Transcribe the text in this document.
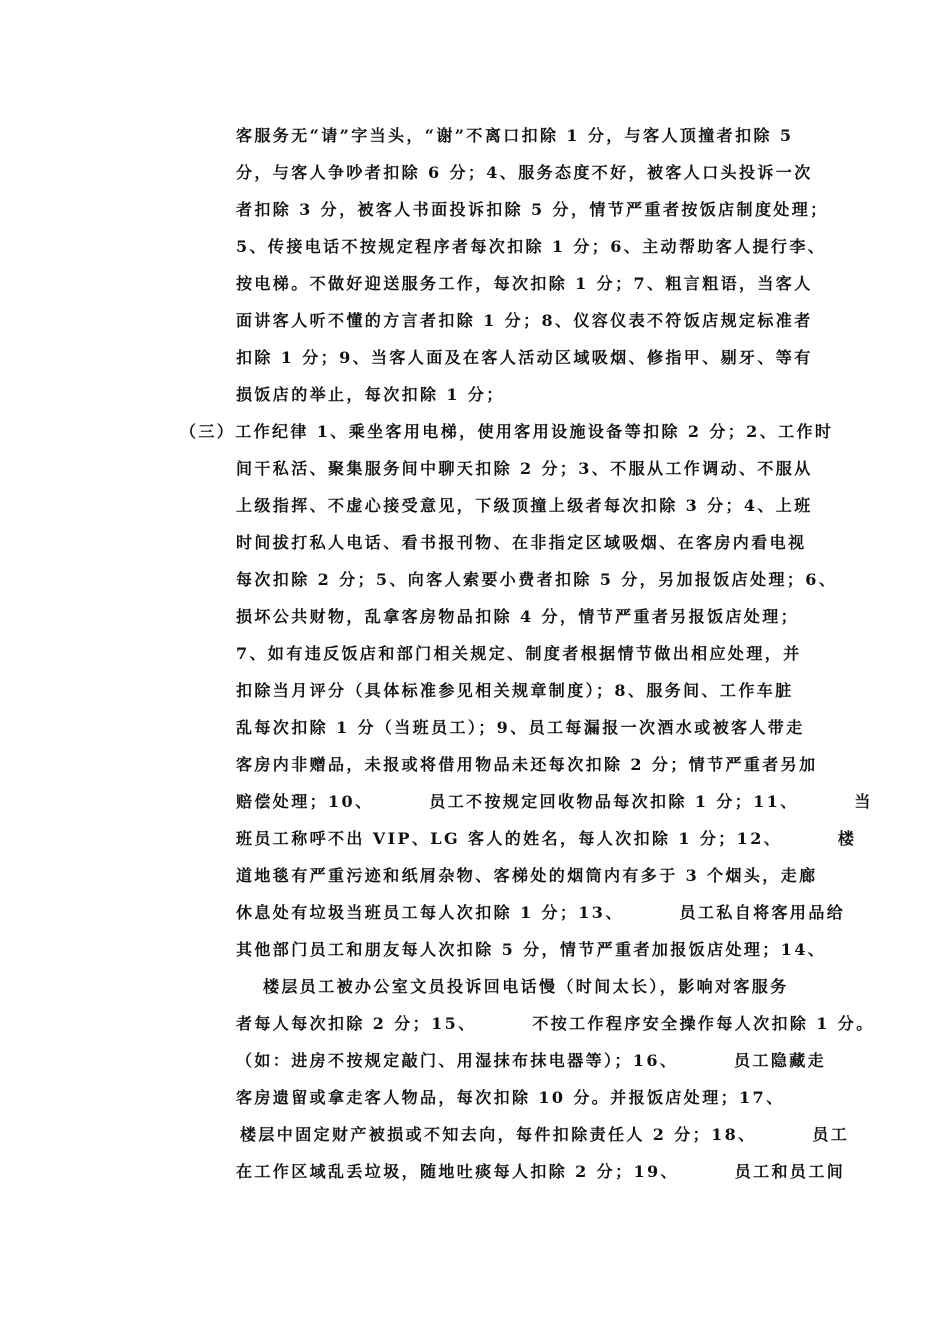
客服务无“请”字当头，“谢”不离口扣除 1 分，与客人顶撞者扣除 5
分，与客人争吵者扣除 6 分；4、服务态度不好，被客人口头投诉一次
者扣除 3 分，被客人书面投诉扣除 5 分，情节严重者按饭店制度处理；
5、传接电话不按规定程序者每次扣除 1 分；6、主动帮助客人提行李、
按电梯。不做好迎送服务工作，每次扣除 1 分；7、粗言粗语，当客人
面讲客人听不懂的方言者扣除 1 分；8、仪容仪表不符饭店规定标准者
扣除 1 分；9、当客人面及在客人活动区域吸烟、修指甲、剔牙、等有
损饭店的举止，每次扣除 1 分；
（三）工作纪律 1、乘坐客用电梯，使用客用设施设备等扣除 2 分；2、工作时
间干私活、聚集服务间中聊天扣除 2 分；3、不服从工作调动、不服从
上级指挥、不虚心接受意见，下级顶撞上级者每次扣除 3 分；4、上班
时间拔打私人电话、看书报刊物、在非指定区域吸烟、在客房内看电视
每次扣除 2 分；5、向客人索要小费者扣除 5 分，另加报饭店处理；6、
损坏公共财物，乱拿客房物品扣除 4 分，情节严重者另报饭店处理；
7、如有违反饭店和部门相关规定、制度者根据情节做出相应处理，并
扣除当月评分（具体标准参见相关规章制度）；8、服务间、工作车脏
乱每次扣除 1 分（当班员工）；9、员工每漏报一次酒水或被客人带走
客房内非赠品，未报或将借用物品未还每次扣除 2 分；情节严重者另加
赔偿处理；10、       员工不按规定回收物品每次扣除 1 分；11、       当
班员工称呼不出 VIP、LG 客人的姓名，每人次扣除 1 分；12、       楼
道地毯有严重污迹和纸屑杂物、客梯处的烟筒内有多于 3 个烟头，走廊
休息处有垃圾当班员工每人次扣除 1 分；13、       员工私自将客用品给
其他部门员工和朋友每人次扣除 5 分，情节严重者加报饭店处理；14、
楼层员工被办公室文员投诉回电话慢（时间太长），影响对客服务
者每人每次扣除 2 分；15、       不按工作程序安全操作每人次扣除 1 分。
（如：进房不按规定敲门、用湿抹布抹电器等）；16、       员工隐藏走
客房遗留或拿走客人物品，每次扣除 10 分。并报饭店处理；17、
楼层中固定财产被损或不知去向，每件扣除责任人 2 分；18、       员工
在工作区域乱丢垃圾，随地吐痰每人扣除 2 分；19、       员工和员工间
